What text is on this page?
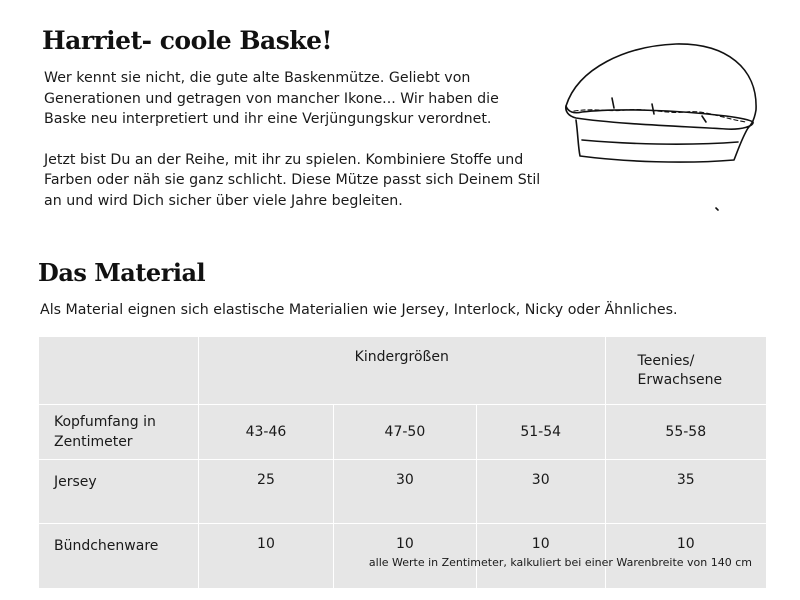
Harriet- coole Baske!

Wer kennt sie nicht, die gute alte Baskenmütze. Geliebt von Generationen und getragen von mancher Ikone... Wir haben die Baske neu interpretiert und ihr eine Verjüngungskur verordnet.

Jetzt bist Du an der Reihe, mit ihr zu spielen. Kombiniere Stoffe und Farben oder näh sie ganz schlicht. Diese Mütze passt sich Deinem Stil an und wird Dich sicher über viele Jahre begleiten.

Das Material

Als Material eignen sich elastische Materialien wie Jersey, Interlock, Nicky oder Ähnliches.

	Kindergrößen			Teenies/ Erwachsene
Kopfumfang in Zentimeter	43-46	47-50	51-54	55-58
Jersey	25	30	30	35
Bündchenware	10	10	10	10

alle Werte in Zentimeter, kalkuliert bei einer Warenbreite von 140 cm
